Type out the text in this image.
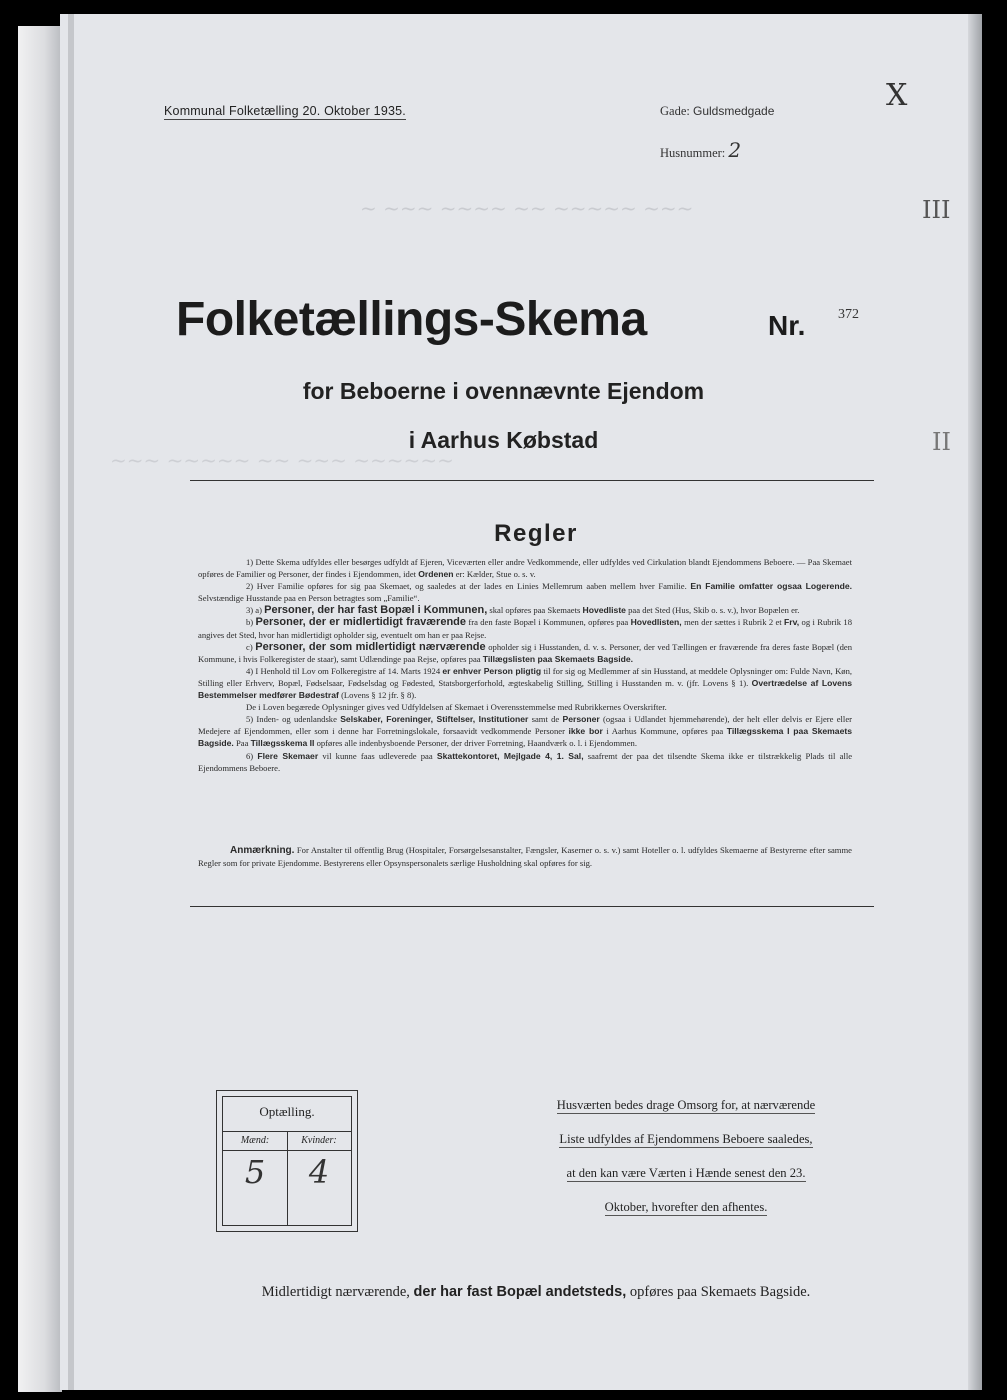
~ ~~~ ~~~~ ~~ ~~~~~ ~~~
~~~ ~~~~~ ~~ ~~~ ~~~~~~
Kommunal Folketælling 20. Oktober 1935.	Gade: Guldsmedgade
Husnummer: 2
X
III
II
Folketællings-Skema	Nr. 372
for Beboerne i ovennævnte Ejendom
i Aarhus Købstad
Regler

1) Dette Skema udfyldes eller besørges udfyldt af Ejeren, Viceværten eller andre Vedkommende, eller udfyldes ved Cirkulation blandt Ejendommens Beboere. — Paa Skemaet opføres de Familier og Personer, der findes i Ejendommen, idet Ordenen er: Kælder, Stue o. s. v.

2) Hver Familie opføres for sig paa Skemaet, og saaledes at der lades en Linies Mellemrum aaben mellem hver Familie. En Familie omfatter ogsaa Logerende. Selvstændige Husstande paa en Person betragtes som „Familie“.

3) a) Personer, der har fast Bopæl i Kommunen, skal opføres paa Skemaets Hovedliste paa det Sted (Hus, Skib o. s. v.), hvor Bopælen er.

b) Personer, der er midlertidigt fraværende fra den faste Bopæl i Kommunen, opføres paa Hovedlisten, men der sættes i Rubrik 2 et Frv, og i Rubrik 18 angives det Sted, hvor han midlertidigt opholder sig, eventuelt om han er paa Rejse.

c) Personer, der som midlertidigt nærværende opholder sig i Husstanden, d. v. s. Personer, der ved Tællingen er fraværende fra deres faste Bopæl (den Kommune, i hvis Folkeregister de staar), samt Udlændinge paa Rejse, opføres paa Tillægslisten paa Skemaets Bagside.

4) I Henhold til Lov om Folkeregistre af 14. Marts 1924 er enhver Person pligtig til for sig og Medlemmer af sin Husstand, at meddele Oplysninger om: Fulde Navn, Køn, Stilling eller Erhverv, Bopæl, Fødselsaar, Fødselsdag og Fødested, Statsborgerforhold, ægteskabelig Stilling, Stilling i Husstanden m. v. (jfr. Lovens § 1). Overtrædelse af Lovens Bestemmelser medfører Bødestraf (Lovens § 12 jfr. § 8).

De i Loven begærede Oplysninger gives ved Udfyldelsen af Skemaet i Overensstemmelse med Rubrikkernes Overskrifter.

5) Inden- og udenlandske Selskaber, Foreninger, Stiftelser, Institutioner samt de Personer (ogsaa i Udlandet hjemmehørende), der helt eller delvis er Ejere eller Medejere af Ejendommen, eller som i denne har Forretningslokale, forsaavidt vedkommende Personer ikke bor i Aarhus Kommune, opføres paa Tillægsskema I paa Skemaets Bagside. Paa Tillægsskema II opføres alle indenbysboende Personer, der driver Forretning, Haandværk o. l. i Ejendommen.

6) Flere Skemaer vil kunne faas udleverede paa Skattekontoret, Mejlgade 4, 1. Sal, saafremt der paa det tilsendte Skema ikke er tilstrækkelig Plads til alle Ejendommens Beboere.

Anmærkning. For Anstalter til offentlig Brug (Hospitaler, Forsørgelsesanstalter, Fængsler, Kaserner o. s. v.) samt Hoteller o. l. udfyldes Skemaerne af Bestyrerne efter samme Regler som for private Ejendomme. Bestyrerens eller Opsynspersonalets særlige Husholdning skal opføres for sig.

Optælling.
Mænd:	Kvinder:
5	4
Husværten bedes drage Omsorg for, at nærværende
Liste udfyldes af Ejendommens Beboere saaledes,
at den kan være Værten i Hænde senest den 23.
Oktober, hvorefter den afhentes.
Midlertidigt nærværende, der har fast Bopæl andetsteds, opføres paa Skemaets Bagside.
